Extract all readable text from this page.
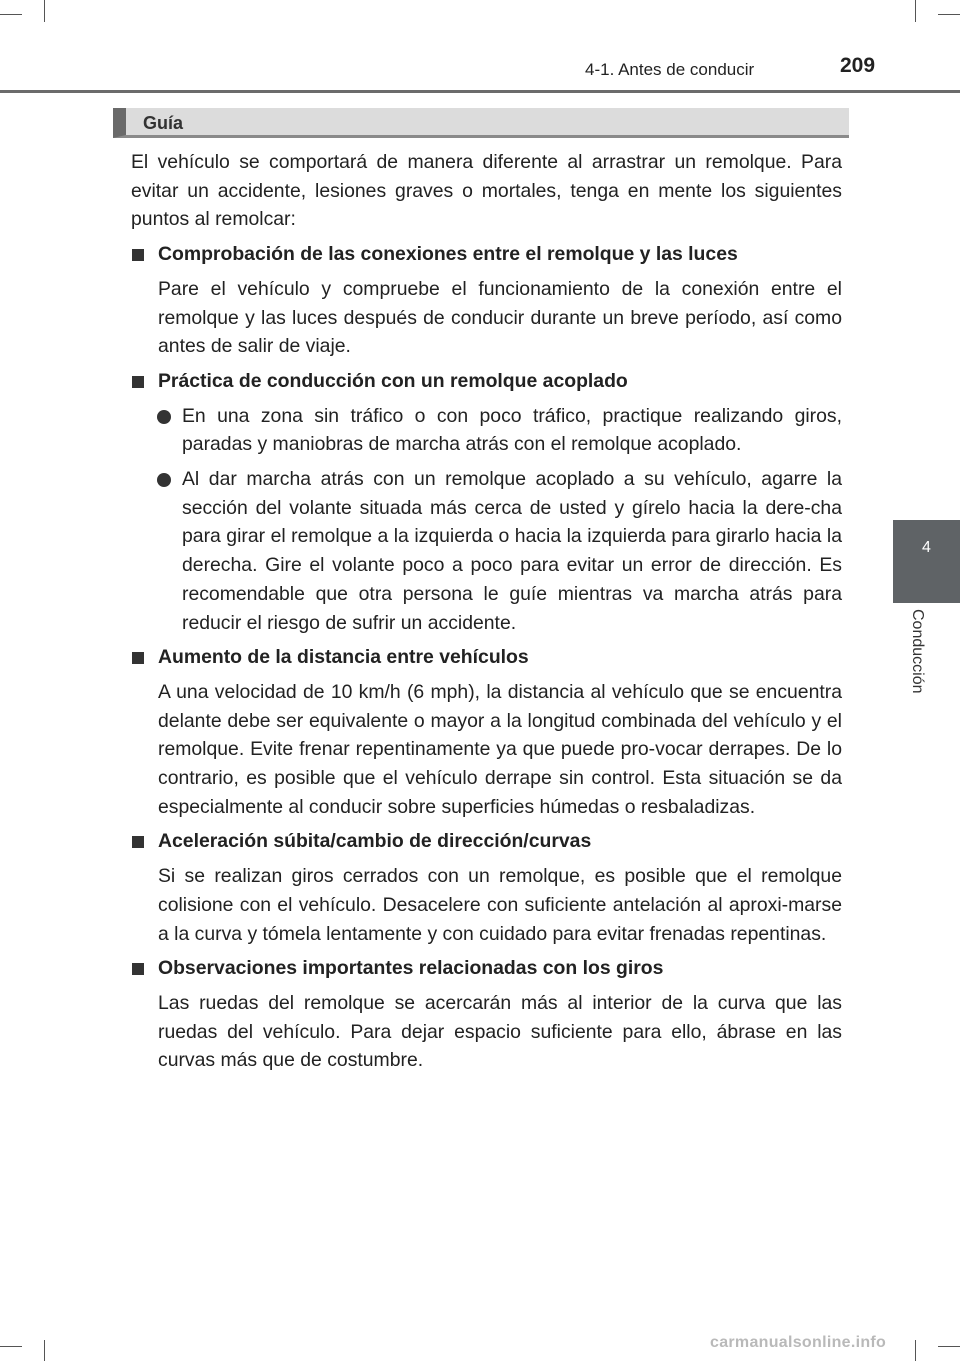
4-1. Antes de conducir	209
4
Conducción
Guía

El vehículo se comportará de manera diferente al arrastrar un remolque. Para evitar un accidente, lesiones graves o mortales, tenga en mente los siguientes puntos al remolcar:

Comprobación de las conexiones entre el remolque y las luces

Pare el vehículo y compruebe el funcionamiento de la conexión entre el remolque y las luces después de conducir durante un breve período, así como antes de salir de viaje.

Práctica de conducción con un remolque acoplado
En una zona sin tráfico o con poco tráfico, practique realizando giros, paradas y maniobras de marcha atrás con el remolque acoplado.
Al dar marcha atrás con un remolque acoplado a su vehículo, agarre la sección del volante situada más cerca de usted y gírelo hacia la dere-cha para girar el remolque a la izquierda o hacia la izquierda para girarlo hacia la derecha. Gire el volante poco a poco para evitar un error de dirección. Es recomendable que otra persona le guíe mientras va marcha atrás para reducir el riesgo de sufrir un accidente.
Aumento de la distancia entre vehículos

A una velocidad de 10 km/h (6 mph), la distancia al vehículo que se encuentra delante debe ser equivalente o mayor a la longitud combinada del vehículo y el remolque. Evite frenar repentinamente ya que puede pro-vocar derrapes. De lo contrario, es posible que el vehículo derrape sin control. Esta situación se da especialmente al conducir sobre superficies húmedas o resbaladizas.

Aceleración súbita/cambio de dirección/curvas

Si se realizan giros cerrados con un remolque, es posible que el remolque colisione con el vehículo. Desacelere con suficiente antelación al aproxi-marse a la curva y tómela lentamente y con cuidado para evitar frenadas repentinas.

Observaciones importantes relacionadas con los giros

Las ruedas del remolque se acercarán más al interior de la curva que las ruedas del vehículo. Para dejar espacio suficiente para ello, ábrase en las curvas más que de costumbre.

carmanualsonline.info
